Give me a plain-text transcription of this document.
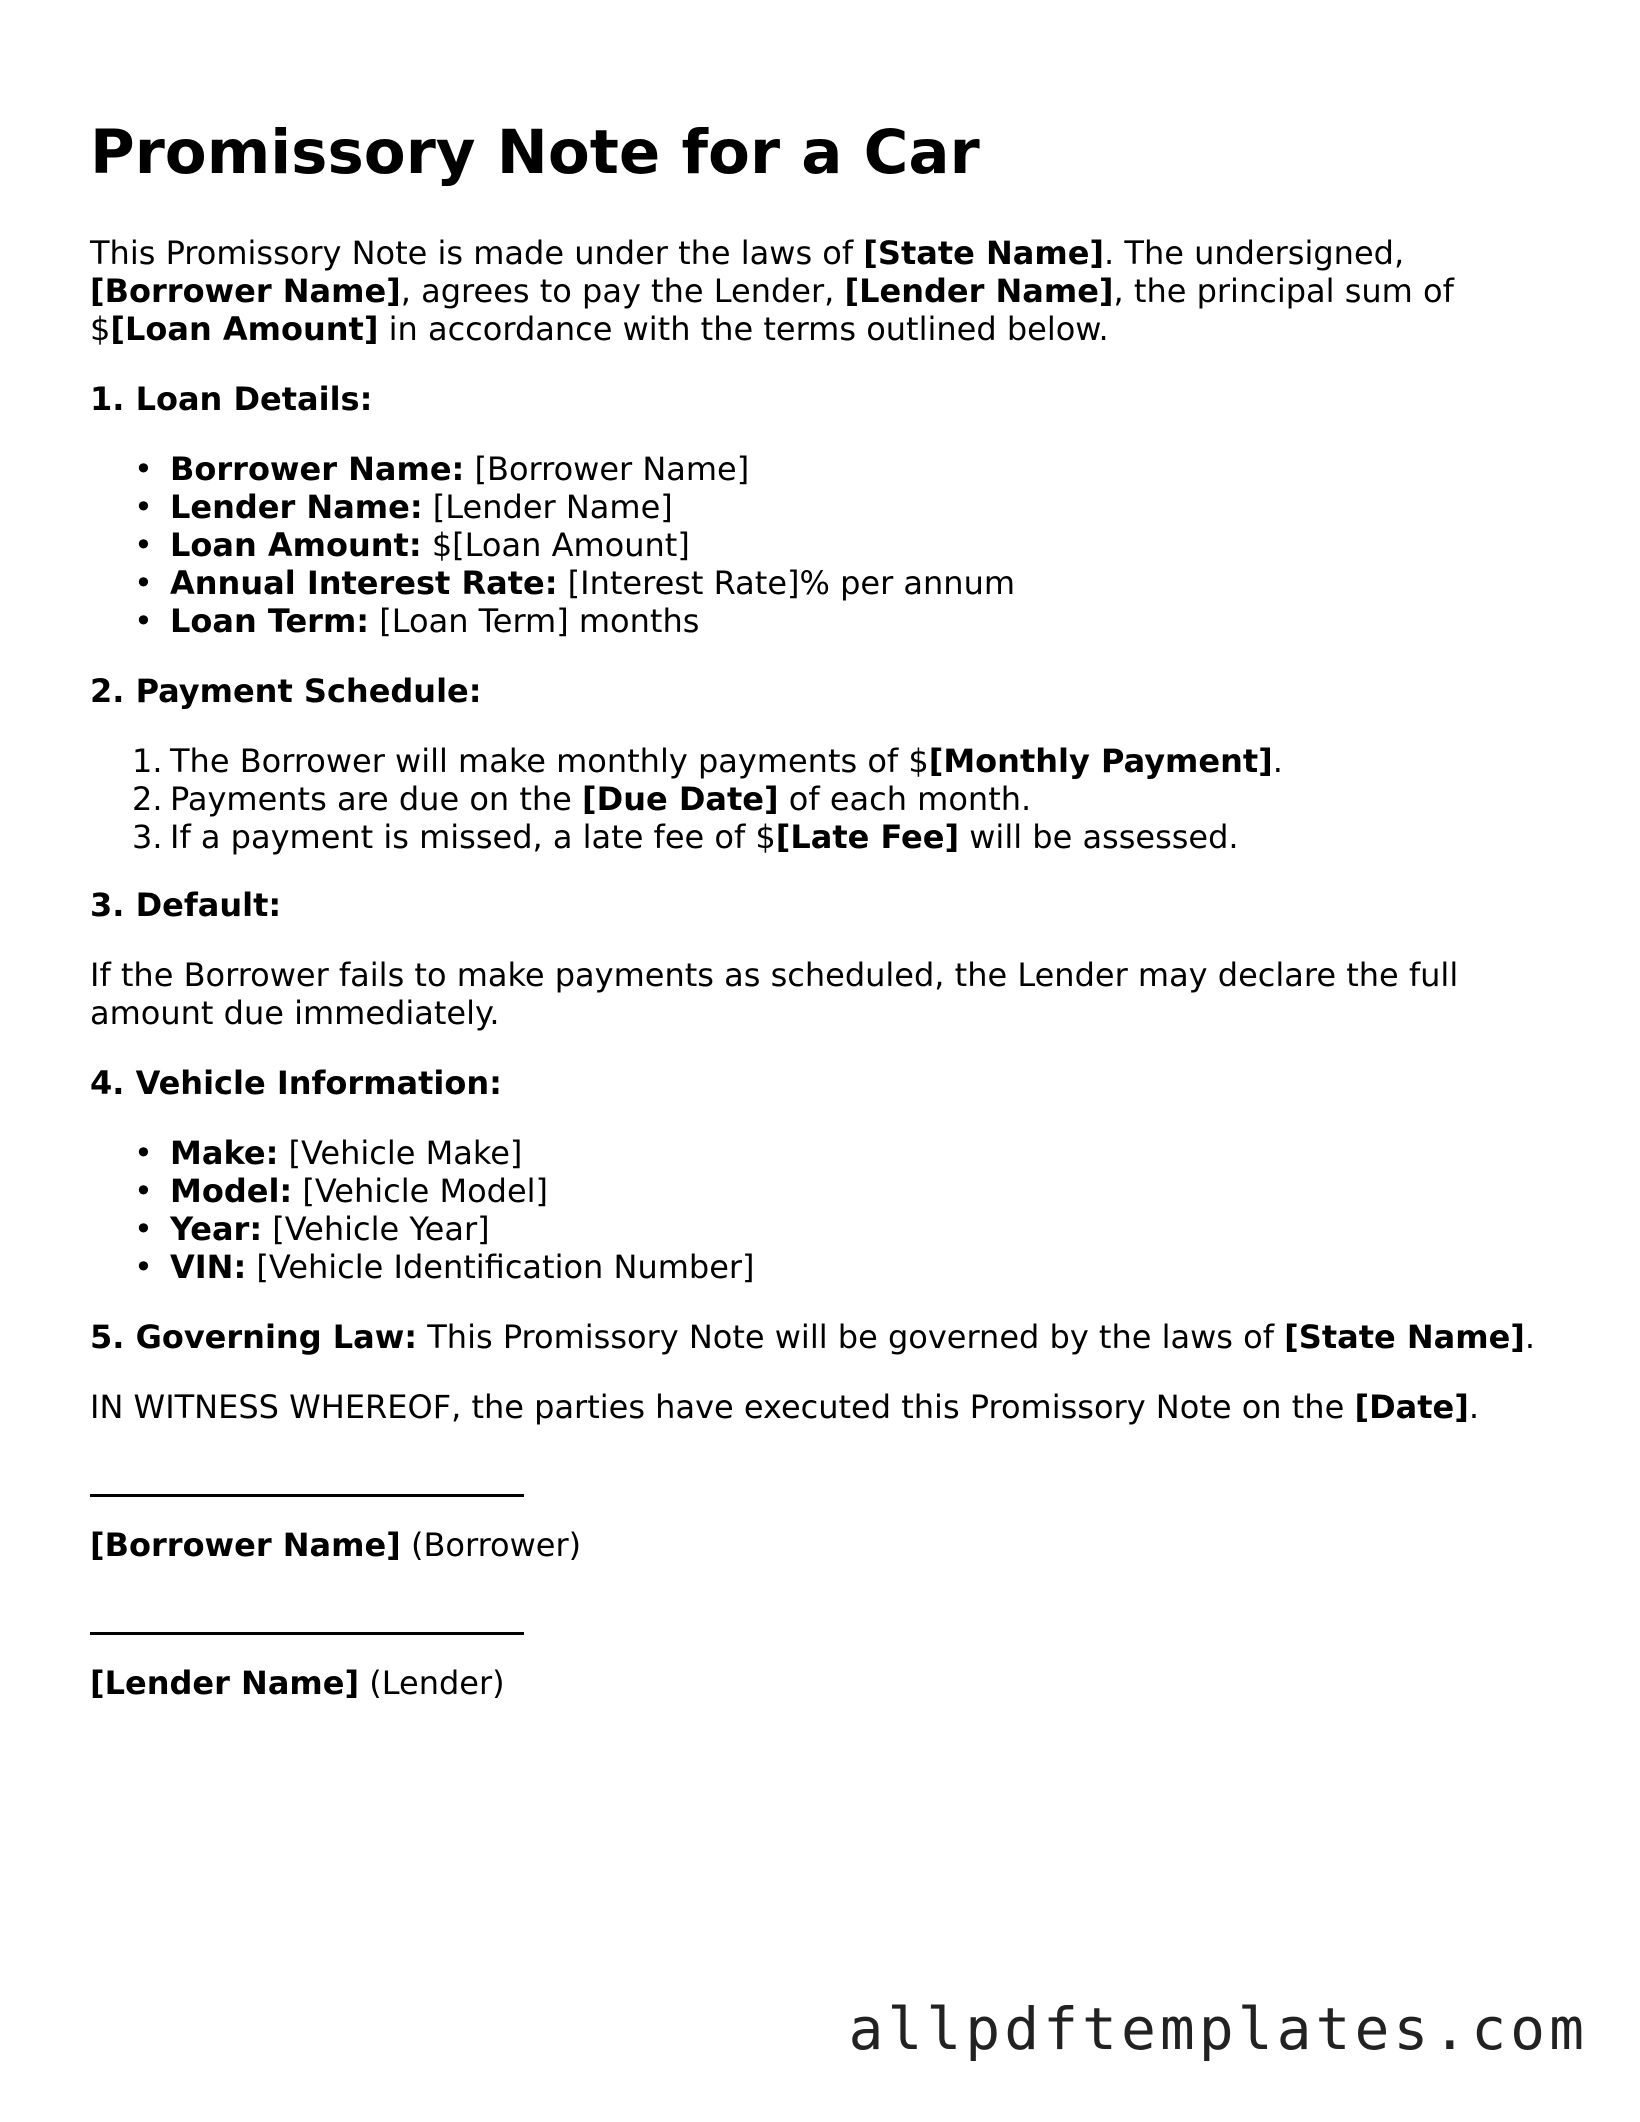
Promissory Note for a Car

This Promissory Note is made under the laws of [State Name]. The undersigned,

[Borrower Name], agrees to pay the Lender, [Lender Name], the principal sum of

$[Loan Amount] in accordance with the terms outlined below.

1. Loan Details:

• Borrower Name: [Borrower Name]
• Lender Name: [Lender Name]
• Loan Amount: $[Loan Amount]
• Annual Interest Rate: [Interest Rate]% per annum
• Loan Term: [Loan Term] months

2. Payment Schedule:

1. The Borrower will make monthly payments of $[Monthly Payment].
2. Payments are due on the [Due Date] of each month.
3. If a payment is missed, a late fee of $[Late Fee] will be assessed.

3. Default:

If the Borrower fails to make payments as scheduled, the Lender may declare the full

amount due immediately.

4. Vehicle Information:

• Make: [Vehicle Make]
• Model: [Vehicle Model]
• Year: [Vehicle Year]
• VIN: [Vehicle Identification Number]

5. Governing Law: This Promissory Note will be governed by the laws of [State Name].

IN WITNESS WHEREOF, the parties have executed this Promissory Note on the [Date].

[Borrower Name] (Borrower)

[Lender Name] (Lender)

allpdftemplates.com
